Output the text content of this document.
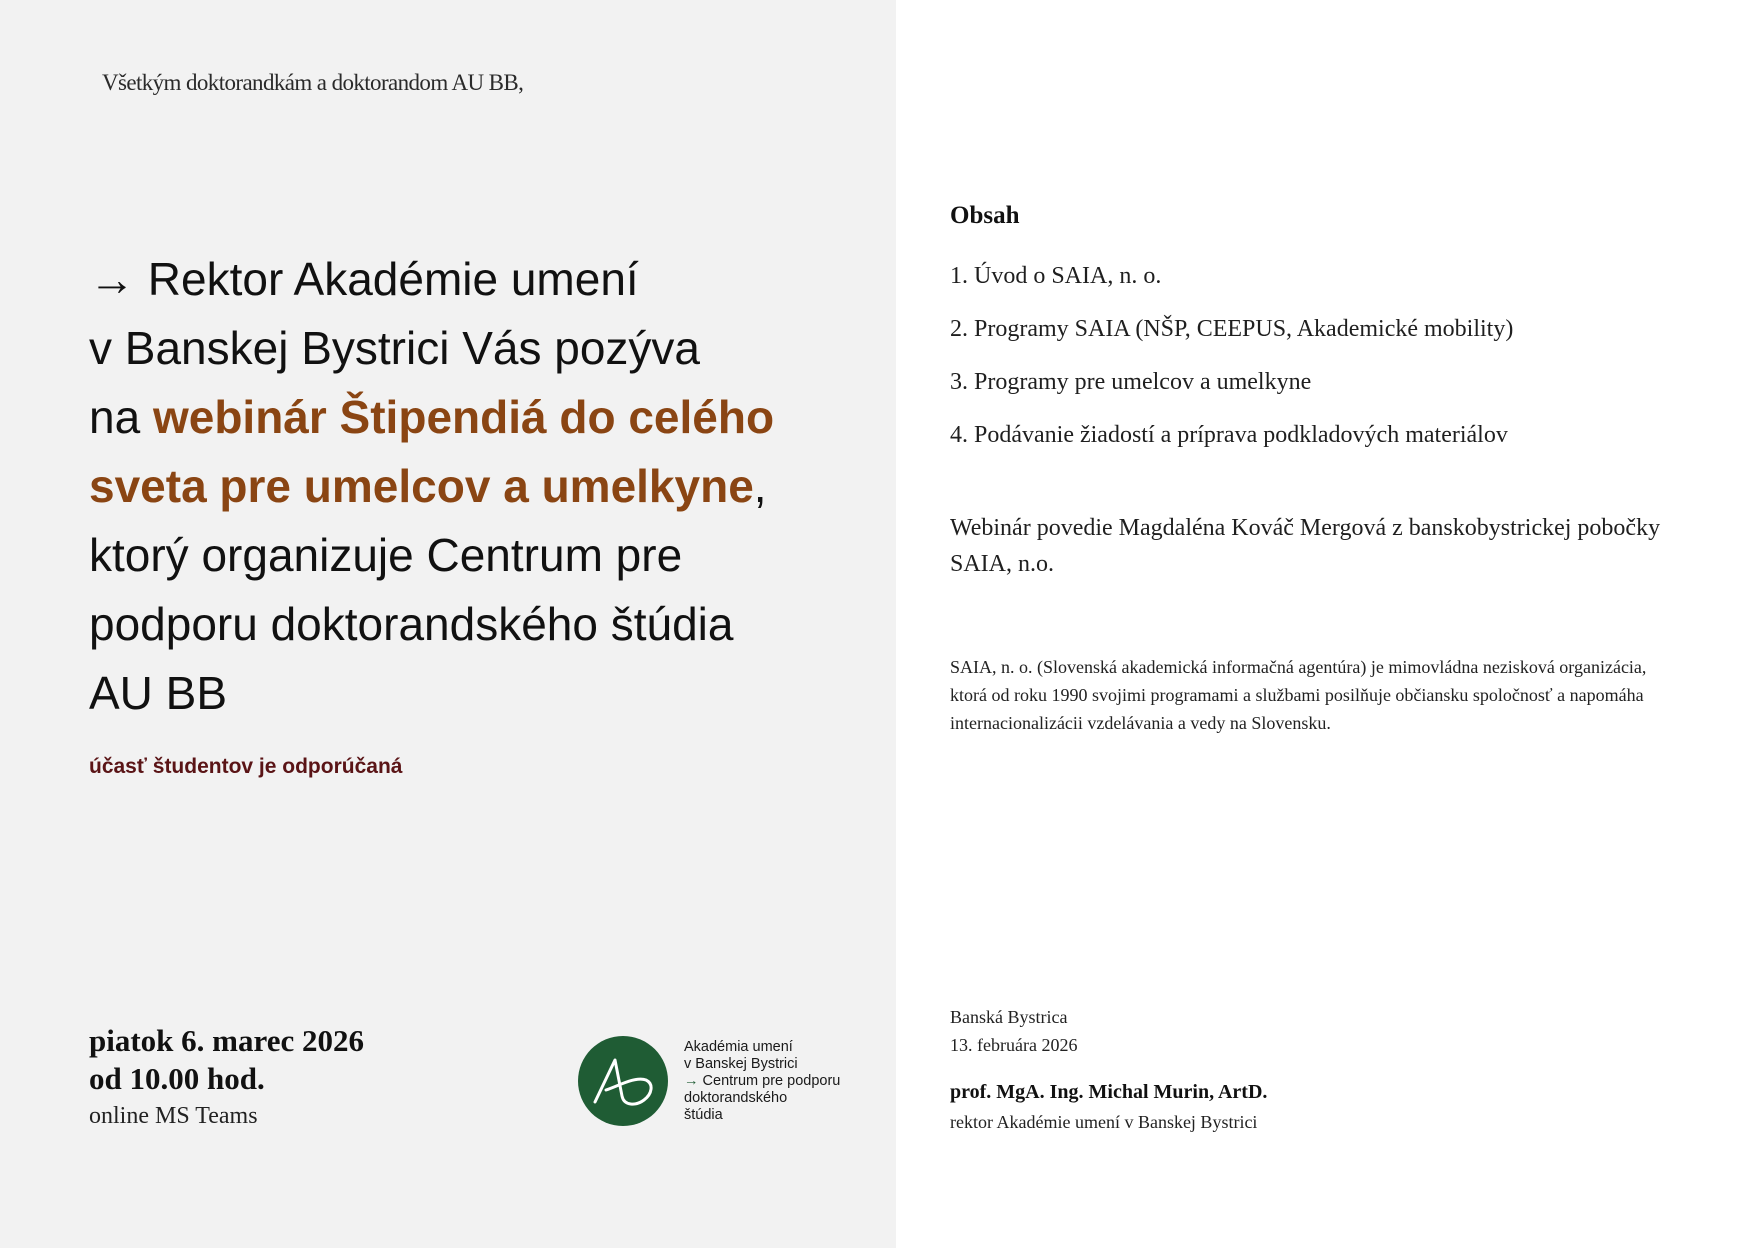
Všetkým doktorandkám a doktorandom AU BB,
→ Rektor Akadémie umení
v Banskej Bystrici Vás pozýva
na webinár Štipendiá do celého
sveta pre umelcov a umelkyne,
ktorý organizuje Centrum pre
podporu doktorandského štúdia
AU BB
účasť študentov je odporúčaná
piatok 6. marec 2026
od 10.00 hod.
online MS Teams
Akadémia umení
v Banskej Bystrici
→ Centrum pre podporu
doktorandského
štúdia
Obsah
1. Úvod o SAIA, n. o.
2. Programy SAIA (NŠP, CEEPUS, Akademické mobility)
3. Programy pre umelcov a umelkyne
4. Podávanie žiadostí a príprava podkladových materiálov
Webinár povedie Magdaléna Kováč Mergová z banskobystrickej pobočky SAIA, n.o.
SAIA, n. o. (Slovenská akademická informačná agentúra) je mimovládna nezisková organizácia, ktorá od roku 1990 svojimi programami a službami posilňuje občiansku spoločnosť a napomáha internacionalizácii vzdelávania a vedy na Slovensku.
Banská Bystrica
13. februára 2026
prof. MgA. Ing. Michal Murin, ArtD.
rektor Akadémie umení v Banskej Bystrici
